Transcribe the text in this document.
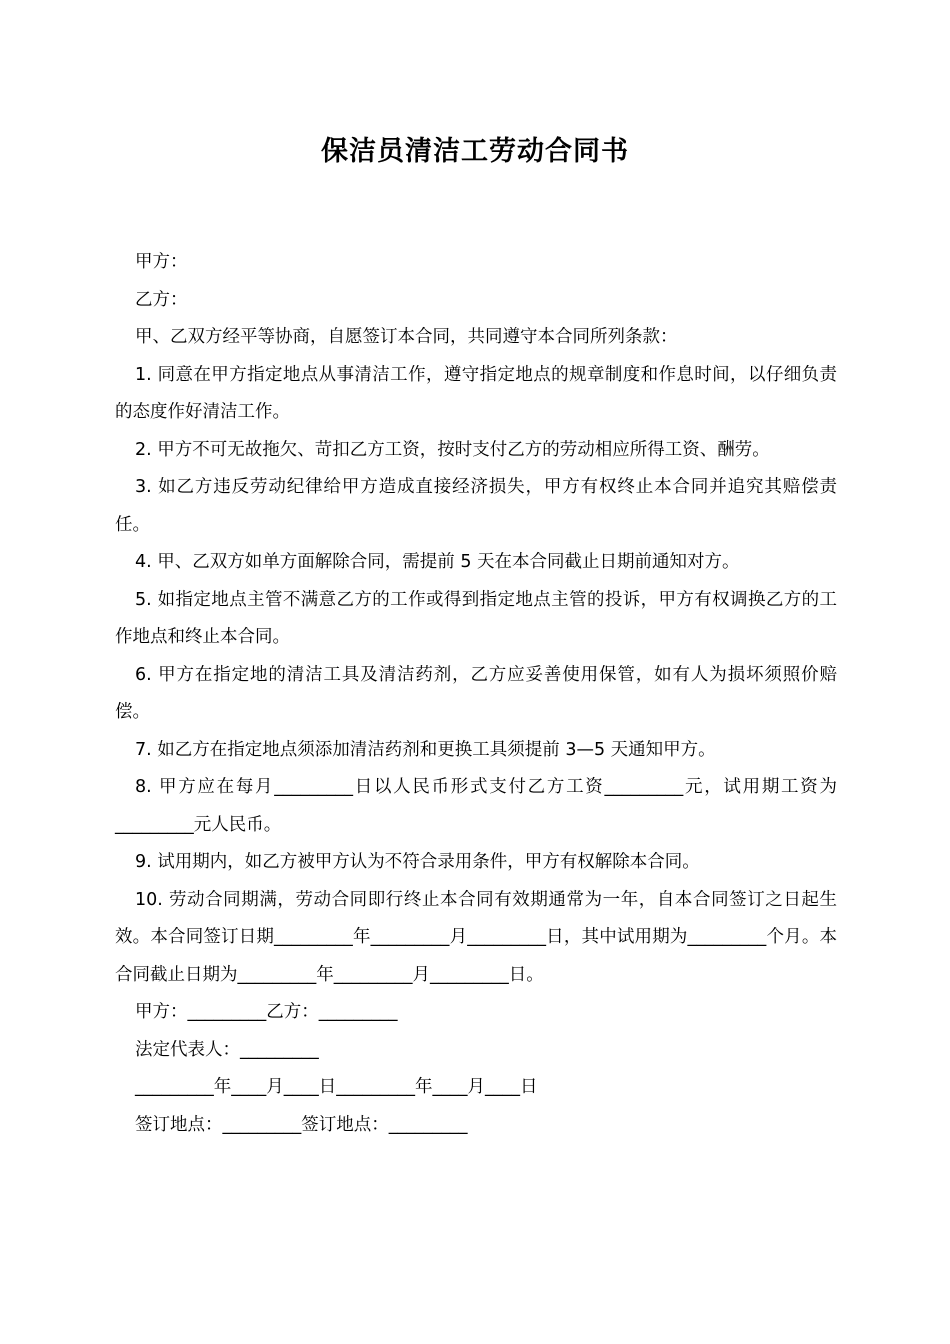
保洁员清洁工劳动合同书

甲方：

乙方：

甲、乙双方经平等协商，自愿签订本合同，共同遵守本合同所列条款：

1. 同意在甲方指定地点从事清洁工作，遵守指定地点的规章制度和作息时间，以仔细负责的态度作好清洁工作。

2. 甲方不可无故拖欠、苛扣乙方工资，按时支付乙方的劳动相应所得工资、酬劳。

3. 如乙方违反劳动纪律给甲方造成直接经济损失，甲方有权终止本合同并追究其赔偿责任。

4. 甲、乙双方如单方面解除合同，需提前 5 天在本合同截止日期前通知对方。

5. 如指定地点主管不满意乙方的工作或得到指定地点主管的投诉，甲方有权调换乙方的工作地点和终止本合同。

6. 甲方在指定地的清洁工具及清洁药剂，乙方应妥善使用保管，如有人为损坏须照价赔偿。

7. 如乙方在指定地点须添加清洁药剂和更换工具须提前 3—5 天通知甲方。

8. 甲方应在每月_________日以人民币形式支付乙方工资_________元，试用期工资为_________元人民币。

9. 试用期内，如乙方被甲方认为不符合录用条件，甲方有权解除本合同。

10. 劳动合同期满，劳动合同即行终止本合同有效期通常为一年，自本合同签订之日起生效。本合同签订日期_________年_________月_________日，其中试用期为_________个月。本合同截止日期为_________年_________月_________日。

甲方：_________乙方：_________

法定代表人：_________

_________年____月____日_________年____月____日

签订地点：_________签订地点：_________
